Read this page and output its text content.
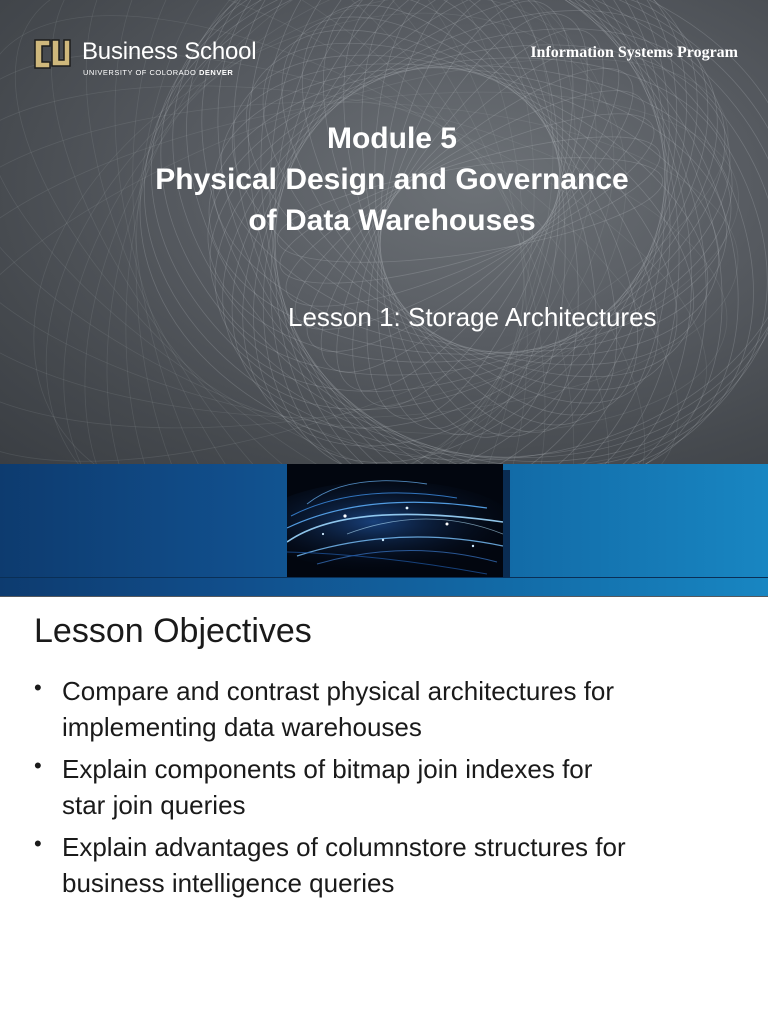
Business School
UNIVERSITY OF COLORADO DENVER
Information Systems Program
Module 5
Physical Design and Governance
of Data Warehouses
Lesson 1: Storage Architectures
Lesson Objectives
• Compare and contrast physical architectures for
implementing data warehouses
• Explain components of bitmap join indexes for
star join queries
• Explain advantages of columnstore structures for
business intelligence queries
